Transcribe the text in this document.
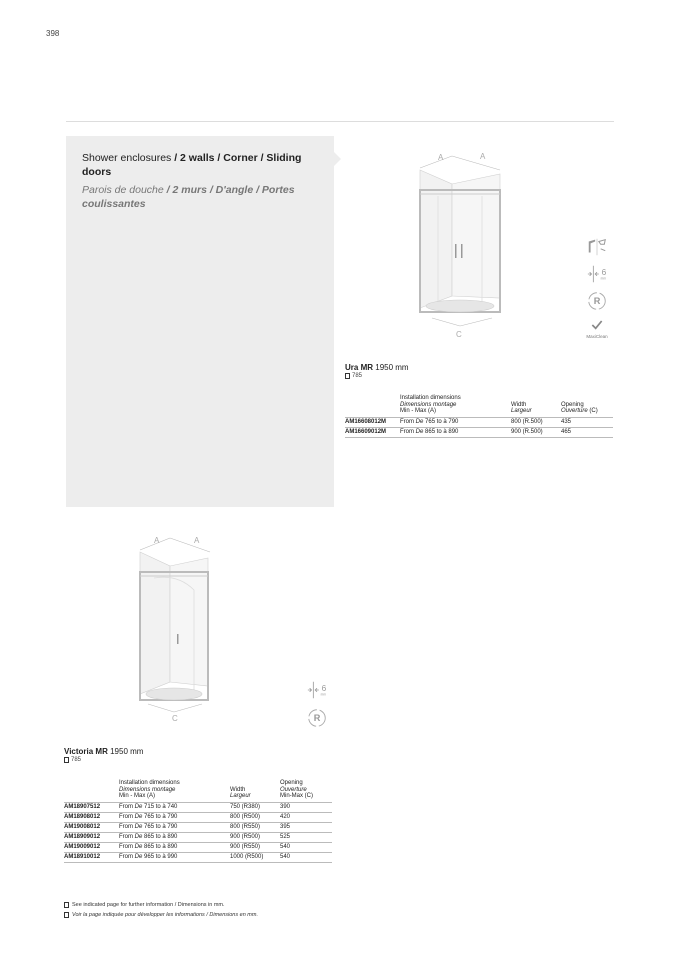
398
Shower enclosures / 2 walls / Corner / Sliding doors
Parois de douche / 2 murs / D'angle / Portes coulissantes
A	A
C
6
mm
R
MaxiClean
Ura MR 1950 mm
785
	Installation dimensions
Dimensions montage
Min - Max (A)	Width
Largeur	Opening
Ouverture (C)
AM16608012M	From De 765 to à 790	800 (R.500)	435
AM16609012M	From De 865 to à 890	900 (R.500)	465
A	A
C
6
mm
R
Victoria MR 1950 mm
785
	Installation dimensions
Dimensions montage
Min - Max (A)	Width
Largeur	Opening
Ouverture
Min-Max (C)
AM18907512	From De 715 to à 740	750 (R380)	390
AM18908012	From De 765 to à 790	800 (R500)	420
AM19008012	From De 765 to à 790	800 (R550)	395
AM18909012	From De 865 to à 890	900 (R500)	525
AM19009012	From De 865 to à 890	900 (R550)	540
AM18910012	From De 965 to à 990	1000 (R500)	540
See indicated page for further information / Dimensions in mm.
Voir la page indiquée pour développer les informations / Dimensions en mm.
